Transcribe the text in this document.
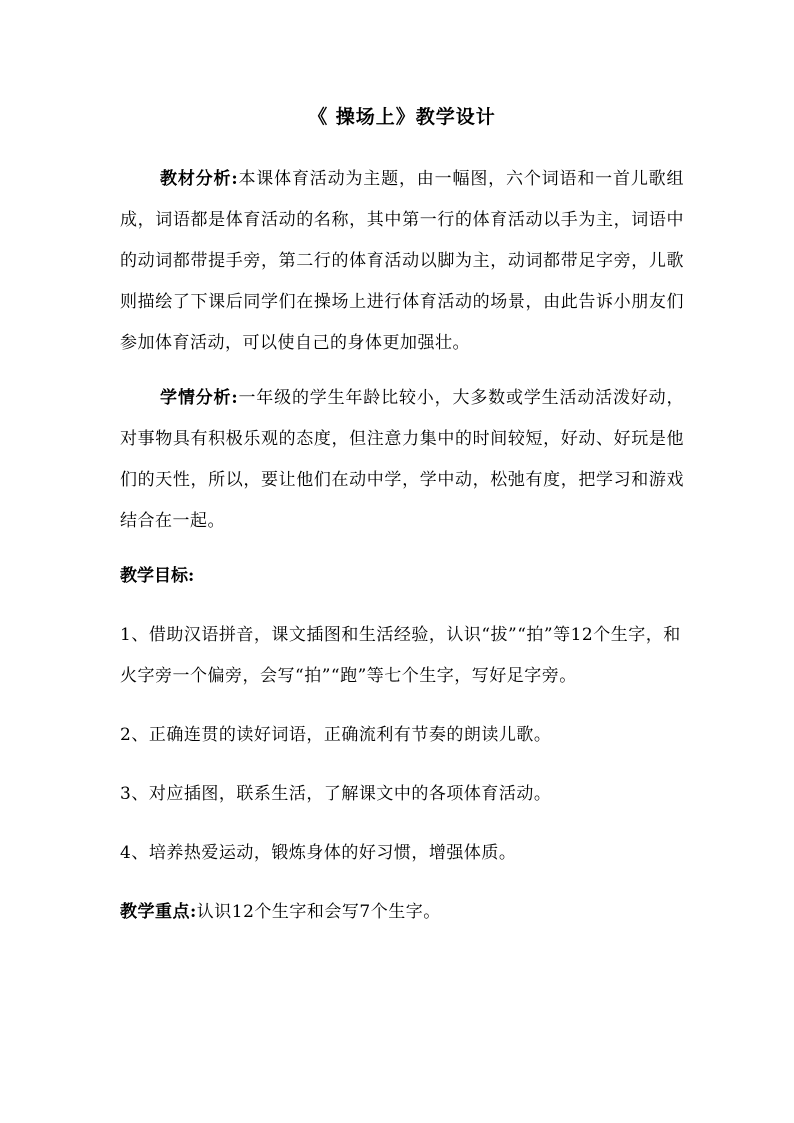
《 操场上》教学设计

教材分析:本课体育活动为主题，由一幅图，六个词语和一首儿歌组成，词语都是体育活动的名称，其中第一行的体育活动以手为主，词语中的动词都带提手旁，第二行的体育活动以脚为主，动词都带足字旁，儿歌则描绘了下课后同学们在操场上进行体育活动的场景，由此告诉小朋友们参加体育活动，可以使自己的身体更加强壮。

学情分析:一年级的学生年龄比较小，大多数或学生活动活泼好动，对事物具有积极乐观的态度，但注意力集中的时间较短，好动、好玩是他们的天性，所以，要让他们在动中学，学中动，松弛有度，把学习和游戏结合在一起。

教学目标:

1、借助汉语拼音，课文插图和生活经验，认识“拔”“拍”等12个生字，和火字旁一个偏旁，会写“拍”“跑”等七个生字，写好足字旁。

2、正确连贯的读好词语，正确流利有节奏的朗读儿歌。

3、对应插图，联系生活，了解课文中的各项体育活动。

4、培养热爱运动，锻炼身体的好习惯，增强体质。

教学重点:认识12个生字和会写7个生字。
